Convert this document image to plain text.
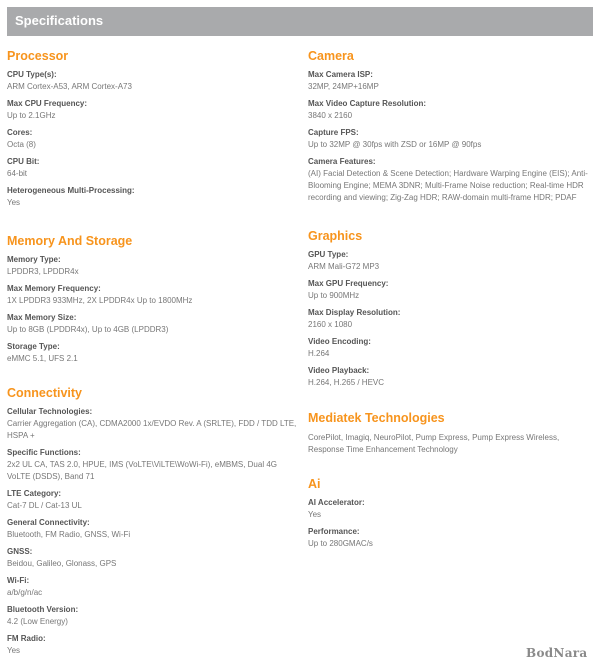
Specifications
Processor
CPU Type(s):
ARM Cortex-A53, ARM Cortex-A73
Max CPU Frequency:
Up to 2.1GHz
Cores:
Octa (8)
CPU Bit:
64-bit
Heterogeneous Multi-Processing:
Yes
Memory And Storage
Memory Type:
LPDDR3, LPDDR4x
Max Memory Frequency:
1X LPDDR3 933MHz, 2X LPDDR4x Up to 1800MHz
Max Memory Size:
Up to 8GB (LPDDR4x), Up to 4GB (LPDDR3)
Storage Type:
eMMC 5.1, UFS 2.1
Connectivity
Cellular Technologies:
Carrier Aggregation (CA), CDMA2000 1x/EVDO Rev. A (SRLTE), FDD / TDD LTE, HSPA +
Specific Functions:
2x2 UL CA, TAS 2.0, HPUE, IMS (VoLTE\ViLTE\WoWi-Fi), eMBMS, Dual 4G VoLTE (DSDS), Band 71
LTE Category:
Cat-7 DL / Cat-13 UL
General Connectivity:
Bluetooth, FM Radio, GNSS, Wi-Fi
GNSS:
Beidou, Galileo, Glonass, GPS
Wi-Fi:
a/b/g/n/ac
Bluetooth Version:
4.2 (Low Energy)
FM Radio:
Yes
Camera
Max Camera ISP:
32MP, 24MP+16MP
Max Video Capture Resolution:
3840 x 2160
Capture FPS:
Up to 32MP @ 30fps with ZSD or 16MP @ 90fps
Camera Features:
(AI) Facial Detection & Scene Detection; Hardware Warping Engine (EIS); Anti-Blooming Engine; MEMA 3DNR; Multi-Frame Noise reduction; Real-time HDR recording and viewing; Zig-Zag HDR; RAW-domain multi-frame HDR; PDAF
Graphics
GPU Type:
ARM Mali-G72 MP3
Max GPU Frequency:
Up to 900MHz
Max Display Resolution:
2160 x 1080
Video Encoding:
H.264
Video Playback:
H.264, H.265 / HEVC
Mediatek Technologies
CorePilot, Imagiq, NeuroPilot, Pump Express, Pump Express Wireless, Response Time Enhancement Technology
Ai
AI Accelerator:
Yes
Performance:
Up to 280GMAC/s
BodNara
